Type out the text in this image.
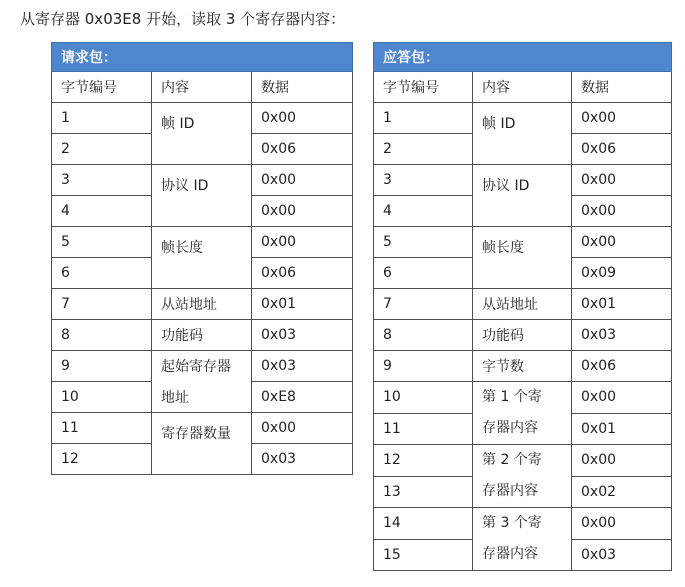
从寄存器 0x03E8 开始，读取 3 个寄存器内容：
请求包：		
字节编号	内容	数据
1	帧 ID	0x00
2		0x06
3	协议 ID	0x00
4		0x00
5	帧长度	0x00
6		0x06
7	从站地址	0x01
8	功能码	0x03
9	起始寄存器	0x03
10	地址	0xE8
11	寄存器数量	0x00
12		0x03
应答包：		
字节编号	内容	数据
1	帧 ID	0x00
2		0x06
3	协议 ID	0x00
4		0x00
5	帧长度	0x00
6		0x09
7	从站地址	0x01
8	功能码	0x03
9	字节数	0x06
10	第 1 个寄存器内容	0x00
11		0x01
12	第 2 个寄存器内容	0x00
13		0x02
14	第 3 个寄存器内容	0x00
15		0x03
